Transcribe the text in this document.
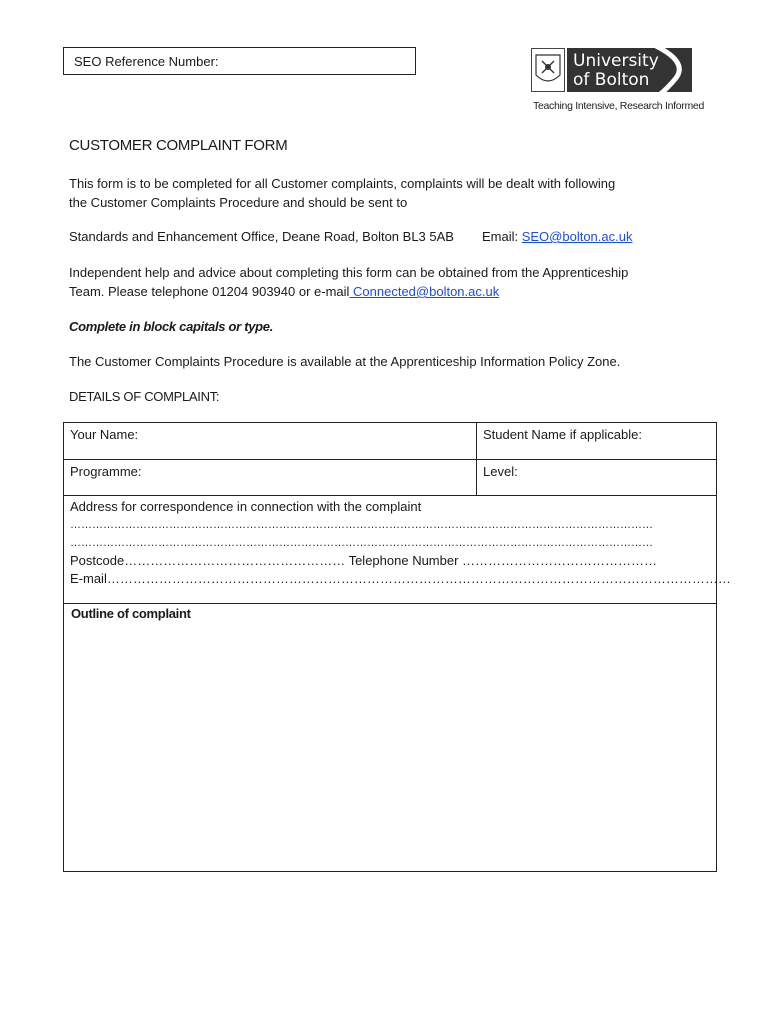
SEO Reference Number:	University
of Bolton
Teaching Intensive, Research Informed
CUSTOMER COMPLAINT FORM
This form is to be completed for all Customer complaints, complaints will be dealt with following
the Customer Complaints Procedure and should be sent to
Standards and Enhancement Office, Deane Road, Bolton BL3 5AB Email: SEO@bolton.ac.uk
Independent help and advice about completing this form can be obtained from the Apprenticeship
Team. Please telephone 01204 903940 or e-mail Connected@bolton.ac.uk
Complete in block capitals or type.
The Customer Complaints Procedure is available at the Apprenticeship Information Policy Zone.
DETAILS OF COMPLAINT:
Your Name:	Student Name if applicable:
Programme:	Level:
Address for correspondence in connection with the complaint
……………………………………………………………………………………………………………………………………………
……………………………………………………………………………………………………………………………………………
Postcode…………………………………………… Telephone Number ………………………………………
E-mail………………………………………………………………………………………………………………………………
Outline of complaint
